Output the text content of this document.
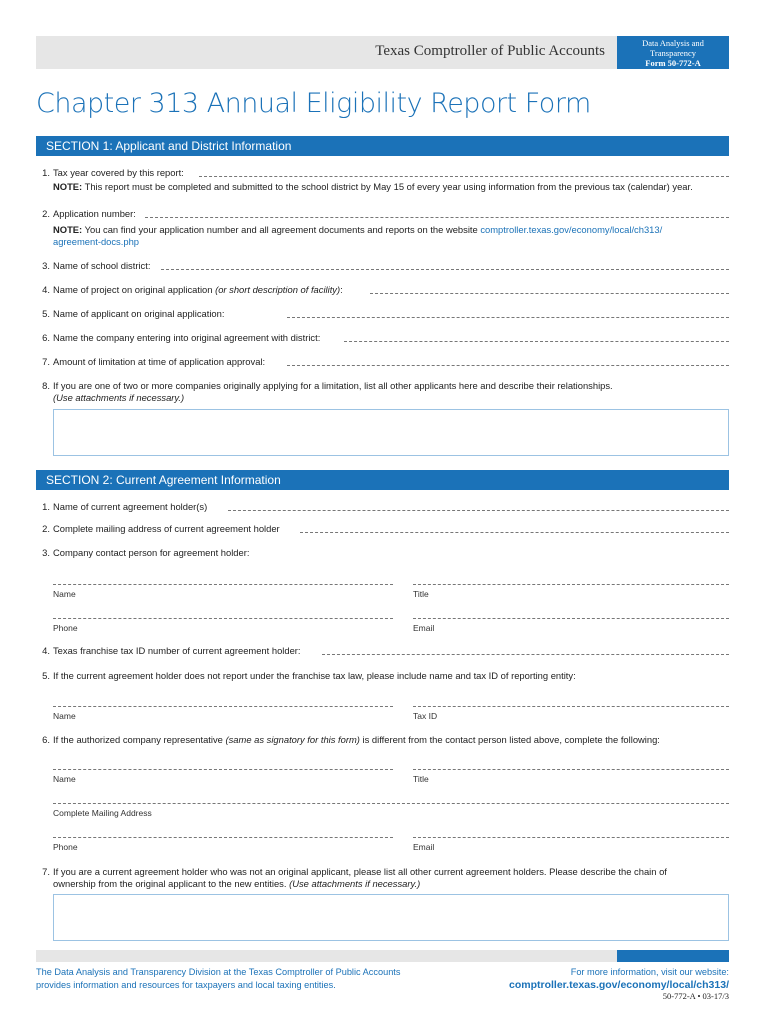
Texas Comptroller of Public Accounts	Data Analysis and
Transparency
Form 50-772-A
Chapter 313 Annual Eligibility Report Form
SECTION 1: Applicant and District Information
1. Tax year covered by this report:
NOTE: This report must be completed and submitted to the school district by May 15 of every year using information from the previous tax (calendar) year.
2. Application number:
NOTE: You can find your application number and all agreement documents and reports on the website comptroller.texas.gov/economy/local/ch313/
agreement-docs.php
3. Name of school district:
4. Name of project on original application (or short description of facility):
5. Name of applicant on original application:
6. Name the company entering into original agreement with district:
7. Amount of limitation at time of application approval:
8. If you are one of two or more companies originally applying for a limitation, list all other applicants here and describe their relationships.
(Use attachments if necessary.)
SECTION 2: Current Agreement Information
1. Name of current agreement holder(s)
2. Complete mailing address of current agreement holder
3. Company contact person for agreement holder:
Name	Title
Phone	Email
4. Texas franchise tax ID number of current agreement holder:
5. If the current agreement holder does not report under the franchise tax law, please include name and tax ID of reporting entity:
Name	Tax ID
6. If the authorized company representative (same as signatory for this form) is different from the contact person listed above, complete the following:
Name	Title
Complete Mailing Address
Phone	Email
7. If you are a current agreement holder who was not an original applicant, please list all other current agreement holders. Please describe the chain of
ownership from the original applicant to the new entities. (Use attachments if necessary.)
The Data Analysis and Transparency Division at the Texas Comptroller of Public Accounts
provides information and resources for taxpayers and local taxing entities.
For more information, visit our website:
comptroller.texas.gov/economy/local/ch313/
50-772-A • 03-17/3
